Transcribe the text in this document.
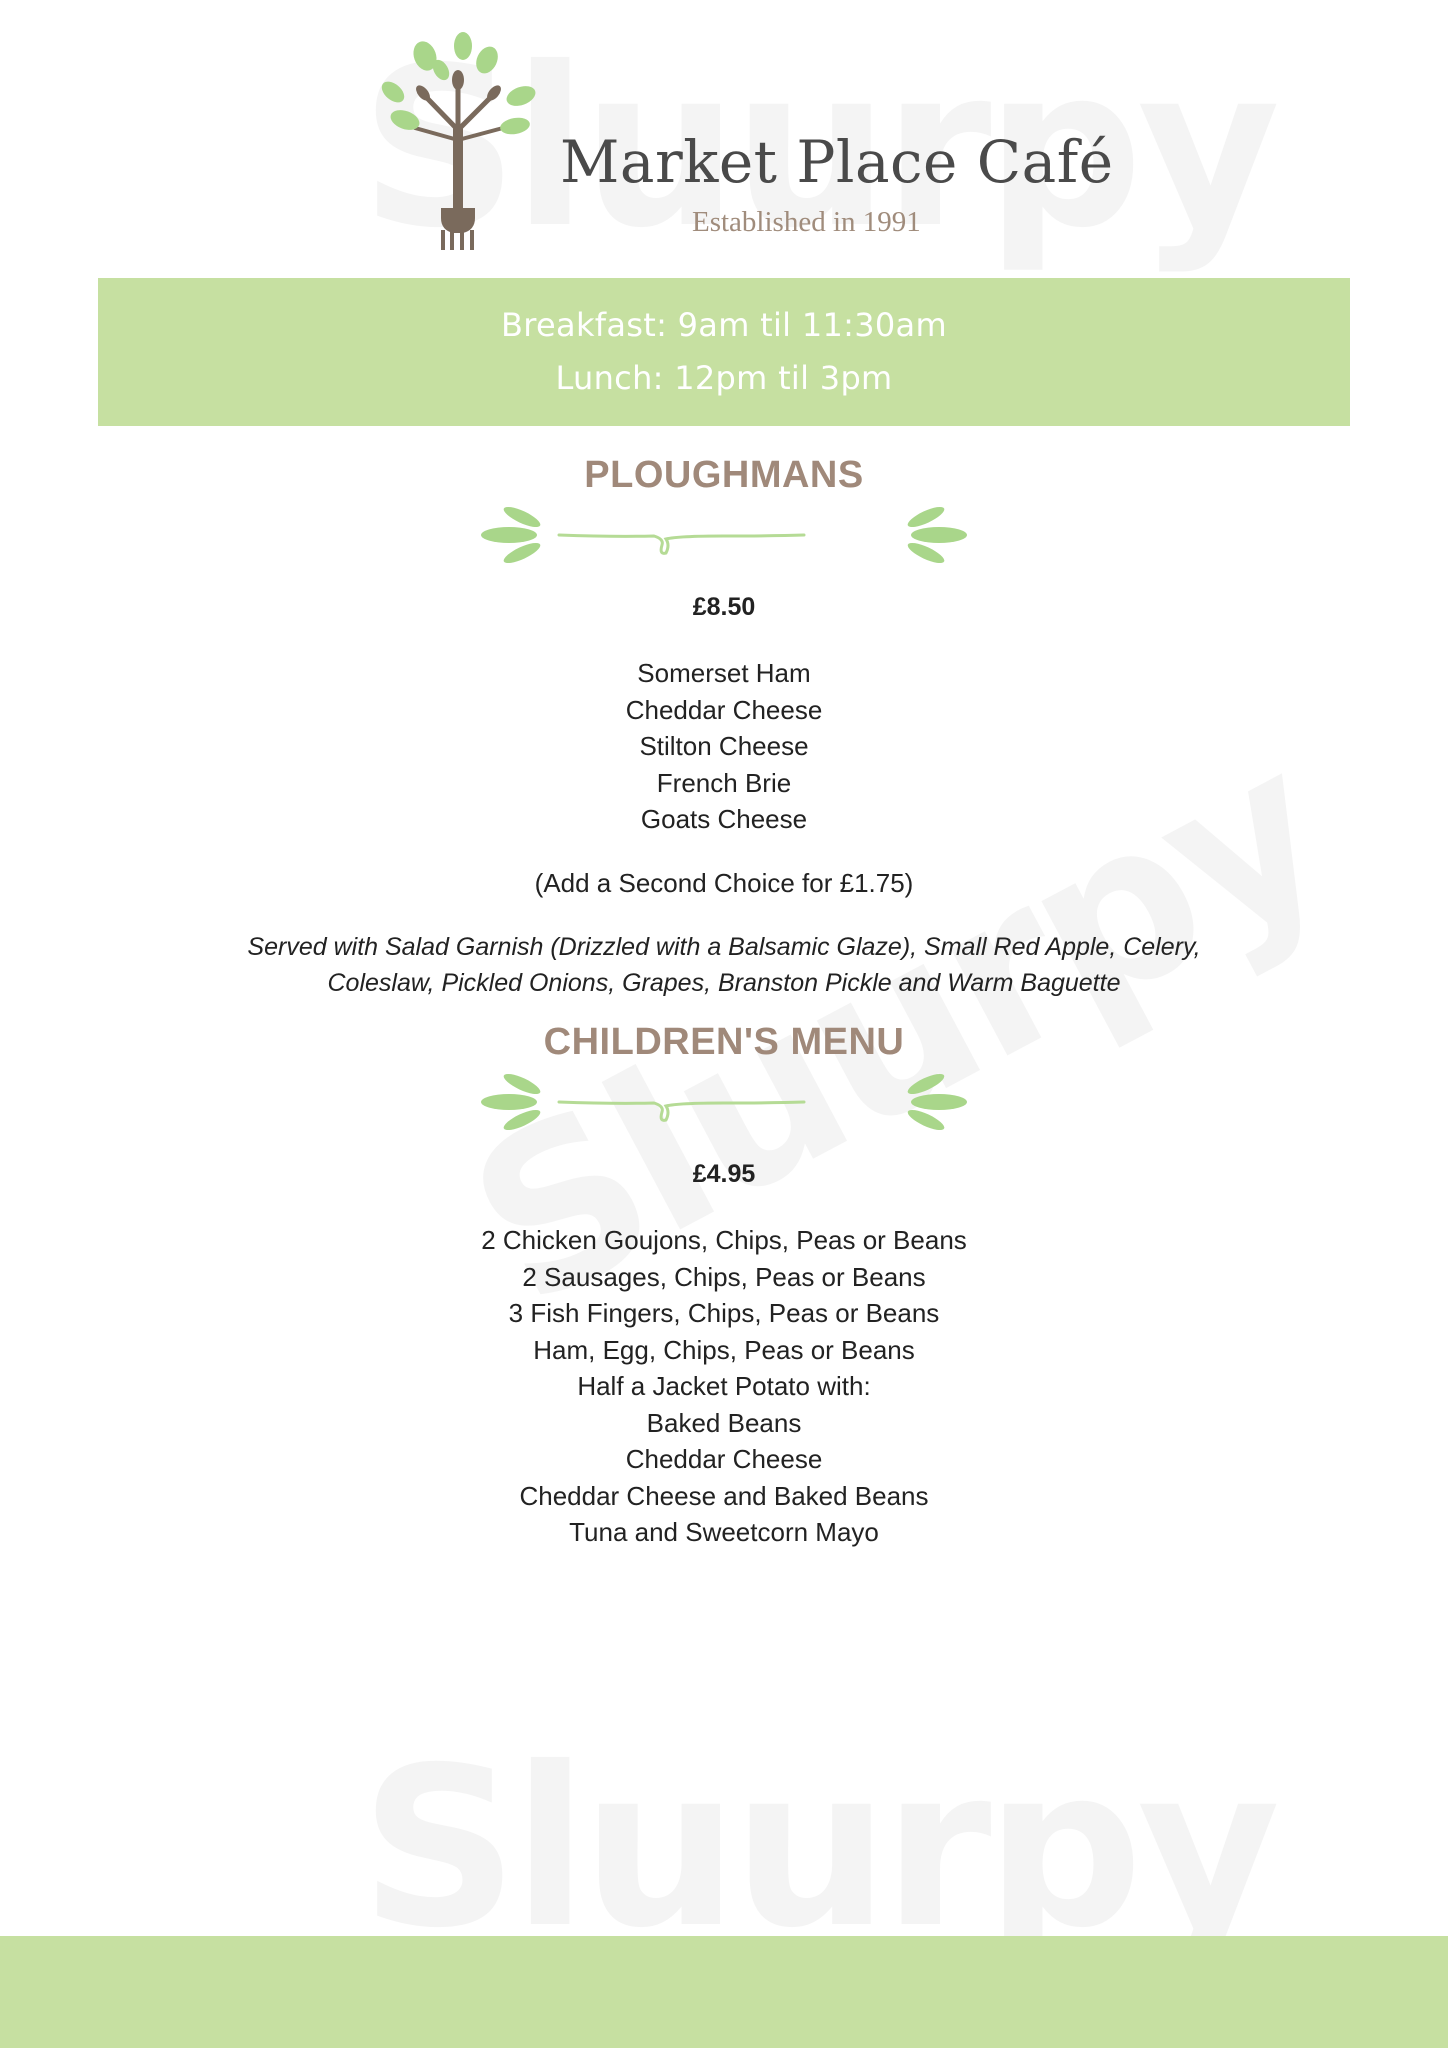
Market Place Café
Established in 1991
Breakfast: 9am til 11:30am
Lunch: 12pm til 3pm
PLOUGHMANS
£8.50
Somerset Ham
Cheddar Cheese
Stilton Cheese
French Brie
Goats Cheese
(Add a Second Choice for £1.75)
Served with Salad Garnish (Drizzled with a Balsamic Glaze), Small Red Apple, Celery,
Coleslaw, Pickled Onions, Grapes, Branston Pickle and Warm Baguette
CHILDREN'S MENU
£4.95
2 Chicken Goujons, Chips, Peas or Beans
2 Sausages, Chips, Peas or Beans
3 Fish Fingers, Chips, Peas or Beans
Ham, Egg, Chips, Peas or Beans
Half a Jacket Potato with:
Baked Beans
Cheddar Cheese
Cheddar Cheese and Baked Beans
Tuna and Sweetcorn Mayo
